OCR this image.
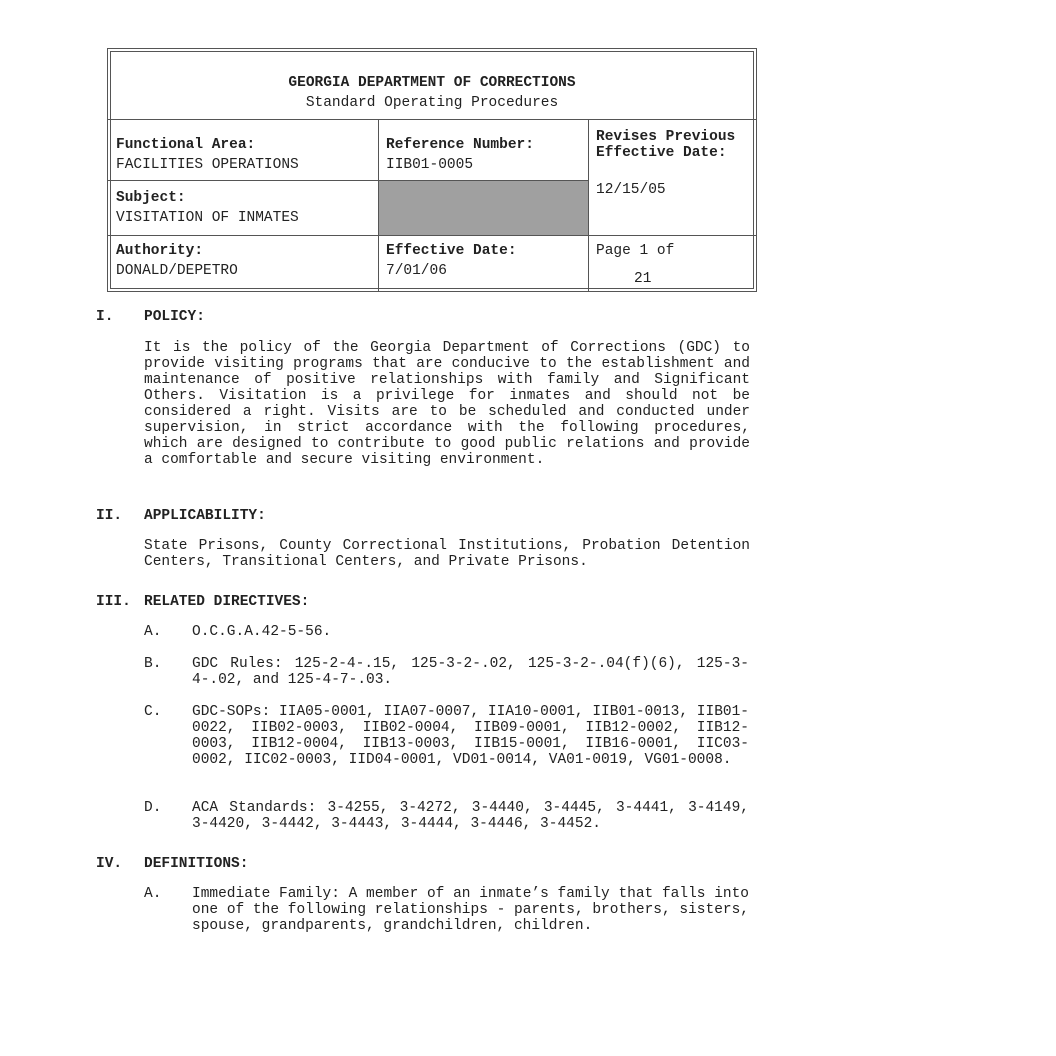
GEORGIA DEPARTMENT OF CORRECTIONS
Standard Operating Procedures
Functional Area:
FACILITIES OPERATIONS
Reference Number:
IIB01-0005
Revises Previous
Effective Date:
12/15/05
Subject:
VISITATION OF INMATES
Authority:
DONALD/DEPETRO
Effective Date:
7/01/06
Page 1 of
21
I. POLICY:
It is the policy of the Georgia Department of Corrections (GDC) to provide visiting programs that are conducive to the establishment and maintenance of positive relationships with family and Significant Others. Visitation is a privilege for inmates and should not be considered a right. Visits are to be scheduled and conducted under supervision, in strict accordance with the following procedures, which are designed to contribute to good public relations and provide a comfortable and secure visiting environment.
II. APPLICABILITY:
State Prisons, County Correctional Institutions, Probation Detention Centers, Transitional Centers, and Private Prisons.
III. RELATED DIRECTIVES:
A. O.C.G.A.42-5-56.
B. GDC Rules: 125-2-4-.15, 125-3-2-.02, 125-3-2-.04(f)(6), 125-3-4-.02, and 125-4-7-.03.
C. GDC-SOPs: IIA05-0001, IIA07-0007, IIA10-0001, IIB01-0013, IIB01-0022, IIB02-0003, IIB02-0004, IIB09-0001, IIB12-0002, IIB12-0003, IIB12-0004, IIB13-0003, IIB15-0001, IIB16-0001, IIC03-0002, IIC02-0003, IID04-0001, VD01-0014, VA01-0019, VG01-0008.
D. ACA Standards: 3-4255, 3-4272, 3-4440, 3-4445, 3-4441, 3-4149, 3-4420, 3-4442, 3-4443, 3-4444, 3-4446, 3-4452.
IV. DEFINITIONS:
A. Immediate Family: A member of an inmate’s family that falls into one of the following relationships - parents, brothers, sisters, spouse, grandparents, grandchildren, children.
